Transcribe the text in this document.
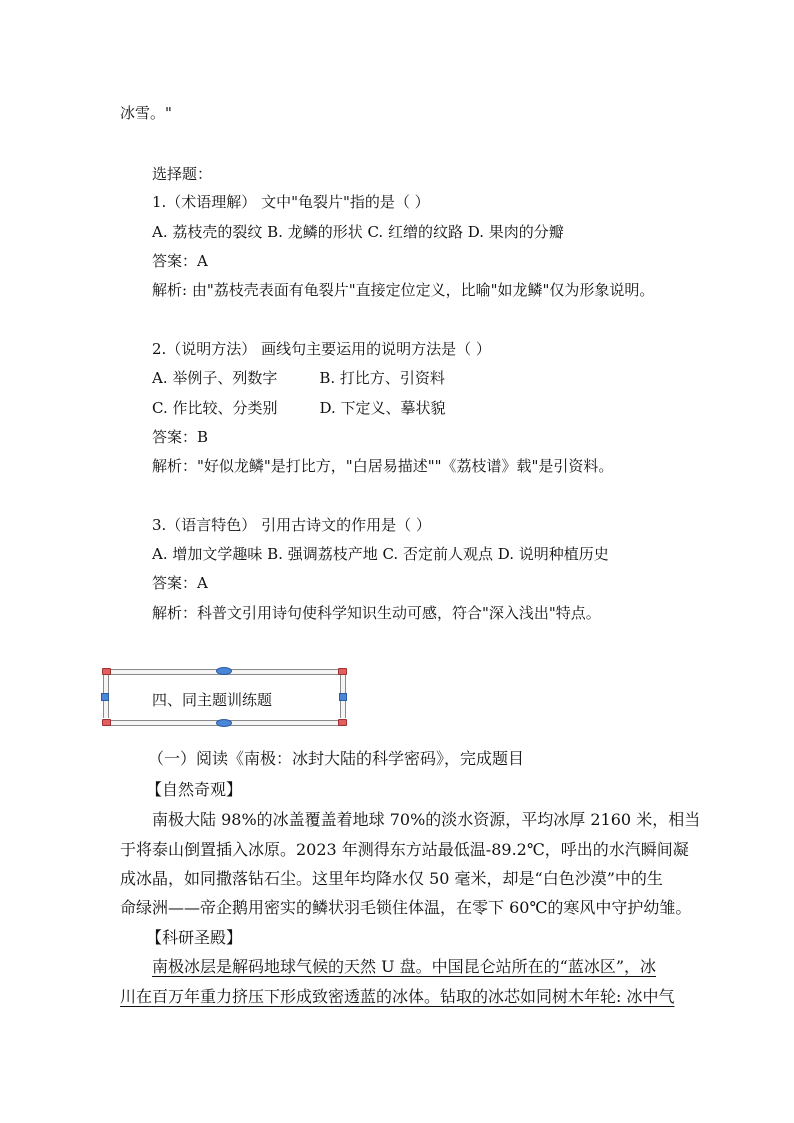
冰雪。"
选择题：
1.（术语理解） 文中"龟裂片"指的是（ ）
A. 荔枝壳的裂纹 B. 龙鳞的形状 C. 红缯的纹路 D. 果肉的分瓣
答案：A
解析: 由"荔枝壳表面有龟裂片"直接定位定义，比喻"如龙鳞"仅为形象说明。
2.（说明方法） 画线句主要运用的说明方法是（ ）
A. 举例子、列数字	B. 打比方、引资料
C. 作比较、分类别	D. 下定义、摹状貌
答案：B
解析："好似龙鳞"是打比方，"白居易描述""《荔枝谱》载"是引资料。
3.（语言特色） 引用古诗文的作用是（ ）
A. 增加文学趣味 B. 强调荔枝产地 C. 否定前人观点 D. 说明种植历史
答案：A
解析：科普文引用诗句使科学知识生动可感，符合"深入浅出"特点。
四、同主题训练题
（一）阅读《南极：冰封大陆的科学密码》，完成题目
【自然奇观】
南极大陆 98%的冰盖覆盖着地球 70%的淡水资源，平均冰厚 2160 米，相当
于将泰山倒置插入冰原。2023 年测得东方站最低温-89.2℃，呼出的水汽瞬间凝
成冰晶，如同撒落钻石尘。这里年均降水仅 50 毫米，却是“白色沙漠”中的生
命绿洲——帝企鹅用密实的鳞状羽毛锁住体温，在零下 60℃的寒风中守护幼雏。
【科研圣殿】
南极冰层是解码地球气候的天然 U 盘。中国昆仑站所在的“蓝冰区”，冰
川在百万年重力挤压下形成致密透蓝的冰体。钻取的冰芯如同树木年轮: 冰中气
